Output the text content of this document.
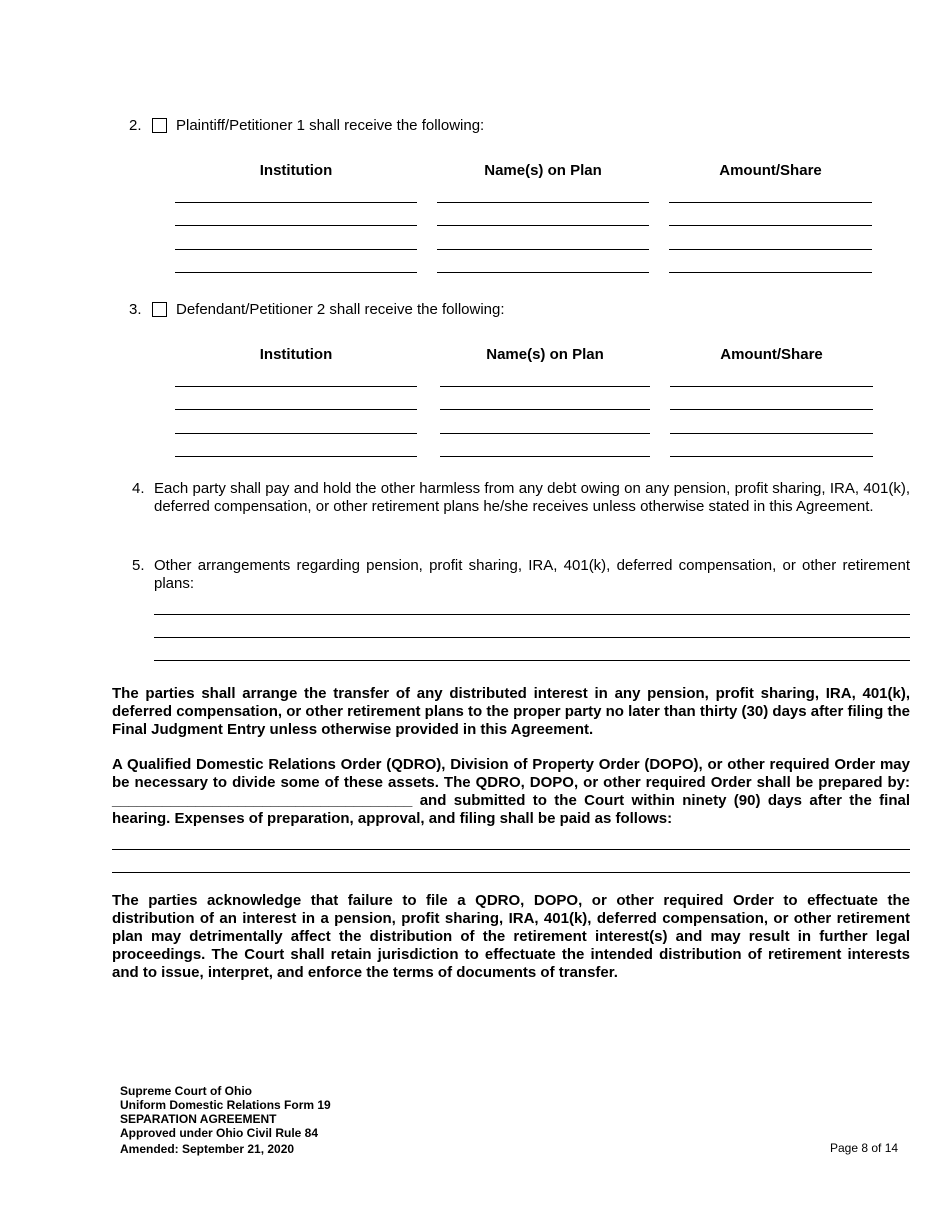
2. Plaintiff/Petitioner 1 shall receive the following:
Institution	Name(s) on Plan	Amount/Share
3. Defendant/Petitioner 2 shall receive the following:
Institution	Name(s) on Plan	Amount/Share
4. Each party shall pay and hold the other harmless from any debt owing on any pension, profit sharing, IRA, 401(k), deferred compensation, or other retirement plans he/she receives unless otherwise stated in this Agreement.
5. Other arrangements regarding pension, profit sharing, IRA, 401(k), deferred compensation, or other retirement plans:
The parties shall arrange the transfer of any distributed interest in any pension, profit sharing, IRA, 401(k), deferred compensation, or other retirement plans to the proper party no later than thirty (30) days after filing the Final Judgment Entry unless otherwise provided in this Agreement.
A Qualified Domestic Relations Order (QDRO), Division of Property Order (DOPO), or other required Order may be necessary to divide some of these assets. The QDRO, DOPO, or other required Order shall be prepared by: ____________________________________ and submitted to the Court within ninety (90) days after the final hearing. Expenses of preparation, approval, and filing shall be paid as follows:
The parties acknowledge that failure to file a QDRO, DOPO, or other required Order to effectuate the distribution of an interest in a pension, profit sharing, IRA, 401(k), deferred compensation, or other retirement plan may detrimentally affect the distribution of the retirement interest(s) and may result in further legal proceedings. The Court shall retain jurisdiction to effectuate the intended distribution of retirement interests and to issue, interpret, and enforce the terms of documents of transfer.
Supreme Court of Ohio
Uniform Domestic Relations Form 19
SEPARATION AGREEMENT
Approved under Ohio Civil Rule 84
Amended: September 21, 2020	Page 8 of 14
